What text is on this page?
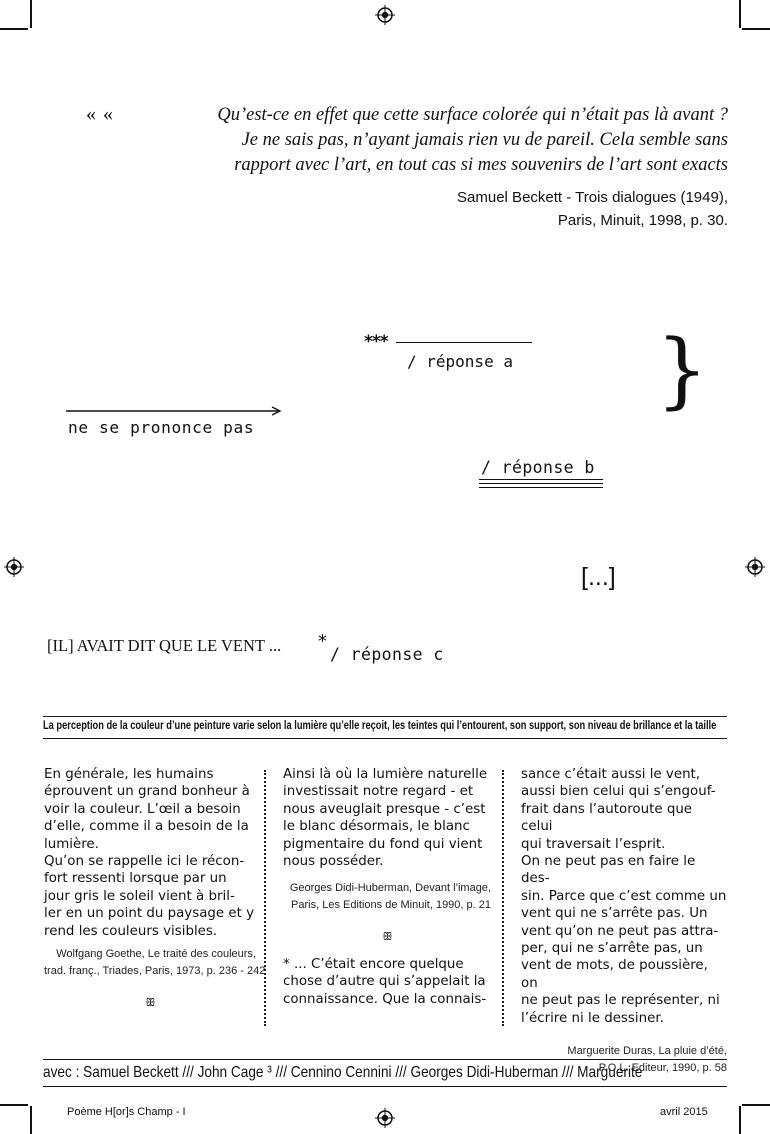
« «	Qu’est-ce en effet que cette surface colorée qui n’était pas là avant ?
Je ne sais pas, n’ayant jamais rien vu de pareil. Cela semble sans
rapport avec l’art, en tout cas si mes souvenirs de l’art sont exacts
Samuel Beckett - Trois dialogues (1949),
Paris, Minuit, 1998, p. 30.
***
/ réponse a }
ne se prononce pas
/ réponse b
[...]
[IL] AVAIT DIT QUE LE VENT ... *
/ réponse c
La perception de la couleur d’une peinture varie selon la lumière qu’elle reçoit, les teintes qui l’entourent, son support, son niveau de brillance et la taille
En générale, les humains
éprouvent un grand bonheur à
voir la couleur. L’œil a besoin
d’elle, comme il a besoin de la
lumière.
Qu’on se rappelle ici le récon-
fort ressenti lorsque par un
jour gris le soleil vient à bril-
ler en un point du paysage et y
rend les couleurs visibles.
Wolfgang Goethe, Le traité des couleurs,
trad. franç., Triades, Paris, 1973, p. 236 - 242
ꕥ
Ainsi là où la lumière naturelle
investissait notre regard - et
nous aveuglait presque - c’est
le blanc désormais, le blanc
pigmentaire du fond qui vient
nous posséder.
Georges Didi-Huberman, Devant l’image,
Paris, Les Editions de Minuit, 1990, p. 21
ꕥ
* ... C’était encore quelque
chose d’autre qui s’appelait la
connaissance. Que la connais-
sance c’était aussi le vent,
aussi bien celui qui s’engouf-
frait dans l’autoroute que celui
qui traversait l’esprit.
On ne peut pas en faire le des-
sin. Parce que c’est comme un
vent qui ne s’arrête pas. Un
vent qu’on ne peut pas attra-
per, qui ne s’arrête pas, un
vent de mots, de poussière, on
ne peut pas le représenter, ni
l’écrire ni le dessiner.
Marguerite Duras, La pluie d’été,
P.O.L. Editeur, 1990, p. 58
avec : Samuel Beckett /// John Cage ³ /// Cennino Cennini /// Georges Didi-Huberman /// Marguerite
Poème H[or]s Champ - I	avril 2015
